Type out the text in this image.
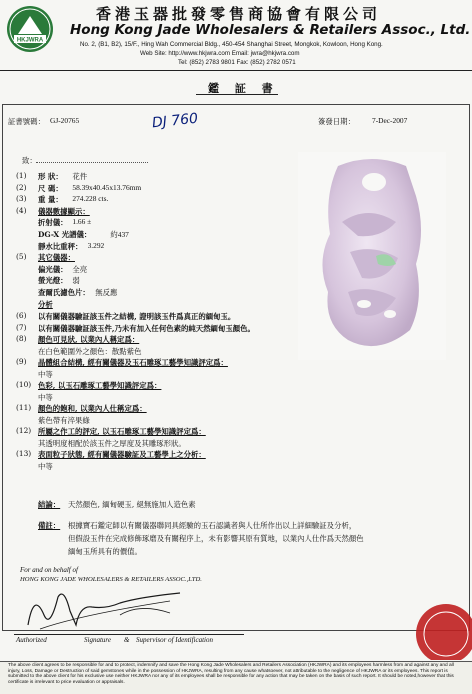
HKJWRA
香港玉器批發零售商協會有限公司
Hong Kong Jade Wholesalers & Retailers Assoc., Ltd.
No. 2, (B1, B2), 15/F., Hing Wah Commercial Bldg., 450-454 Shanghai Street, Mongkok, Kowloon, Hong Kong.
Web Site: http://www.hkjwra.com Email: jwra@hkjwra.com
Tel: (852) 2783 9801 Fax: (852) 2782 0571
鑑 証 書
証書號碼： GJ-20765	DJ 760	簽發日期： 7-Dec-2007
致：
(1) 形 狀： 花件
(2) 尺 碼： 58.39x40.45x13.76mm
(3) 重 量： 274.228 cts.
(4) 儀器數據顯示：
折射儀： 1.66 ±
DG-X 光譜儀：	約437
靜水比重秤： 3.292
(5) 其它儀器：
偏光儀： 全亮
螢光燈： 弱
查爾氏濾色片： 無反應
分析
(6) 以有關儀器驗証該玉件之結構, 證明該玉件爲真正的緬甸玉。
(7) 以有關儀器驗証該玉件,乃未有加入任何色素的純天然緬甸玉顏色。
(8) 顏色可見狀, 以業內人稱定爲：
在白色範圍外之顏色：散點紫色
(9) 晶體組合結構, 經有關儀器及玉石雕琢工藝學知識評定爲：
中等
(10) 色彩, 以玉石雕琢工藝學知識評定爲：
中等
(11) 顏色的飽和, 以業內人仕稱定爲：
紫色帶有淬果綠
(12) 所屬之作工的評定, 以玉石雕琢工藝學知識評定爲：
其透明度相配於該玉件之厚度及其雕琢形狀。
(13) 表面粒子狀態, 經有關儀器驗証及工藝學上之分析：
中等
結論： 天然顏色, 緬甸硬玉, 絕無施加人造色素
備註： 根據寶石鑑定師以有關儀器聯同具經驗的玉石認識者與人仕所作出以上詳細驗証及分析，
但假設玉件在完成修飾琢磨及有關程序上，未有影響其原有質地，以業內人仕作爲天然顏色
緬甸玉所具有的價值。
For and on behalf of
HONG KONG JADE WHOLESALERS & RETAILERS ASSOC.,LTD.
Authorized	Signature & Supervisor of Identification
The above client agrees to be responsible for and to protect, indemnify and save the Hong Kong Jade Wholesalers and Retailers Association (HKJWRA) and its employees harmless from and against any and all injury, Loss, Damage or Destruction of said gemstones while in the possession of HKJWRA, resulting from any cause whatsoever, not attributable to the negligence of HKJWRA or its employees. This report is submitted to the above client for his exclusive use neither HKJWRA nor any of its employees shall be responsible for any action that may be taken on the basis of such report. It should be noted,however that this certificate is irrelevant to price evaluation or appraisals.
